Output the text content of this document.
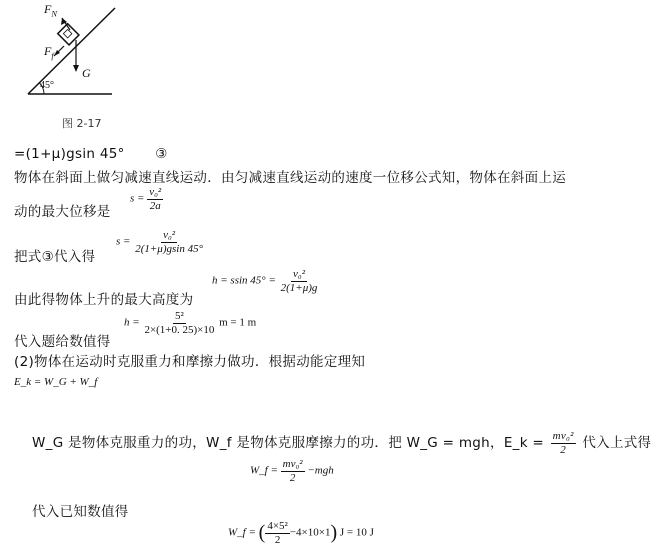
$F_N$
$F_f$
G
45°
图 2-17
=(1+μ)gsin 45° ③
物体在斜面上做匀减速直线运动．由匀减速直线运动的速度一位移公式知，物体在斜面上运
动的最大位移是
$s = \frac{\text{v₀²}}{2a}$
把式③代入得
$s = \frac{\text{v₀²}}{2(1+\mu)gsin 45^\circ}$
由此得物体上升的最大高度为
h = ssin $45^\circ = \frac{\text{v₀²}}{2(1+\mu)g}$
代入题给数值得
$h = \frac{\text{5²}}{2\times(1+0. 25)\times 10}$ m = 1 m
(2)物体在运动时克服重力和摩擦力做功．根据动能定理知
E_k = W_G + W_f
W_G 是物体克服重力的功，W_f 是物体克服摩擦力的功．把 W_G = mgh，E_k = $\frac{\text{mv₀²}}{2}$ 代入上式得
W_f = $\frac{\text{mv₀²}}{2} -mgh$
代入已知数值得
W_f = ( $\frac{\text{4×5²}}{2} -4\times 10\times 1$) J = 10 J
